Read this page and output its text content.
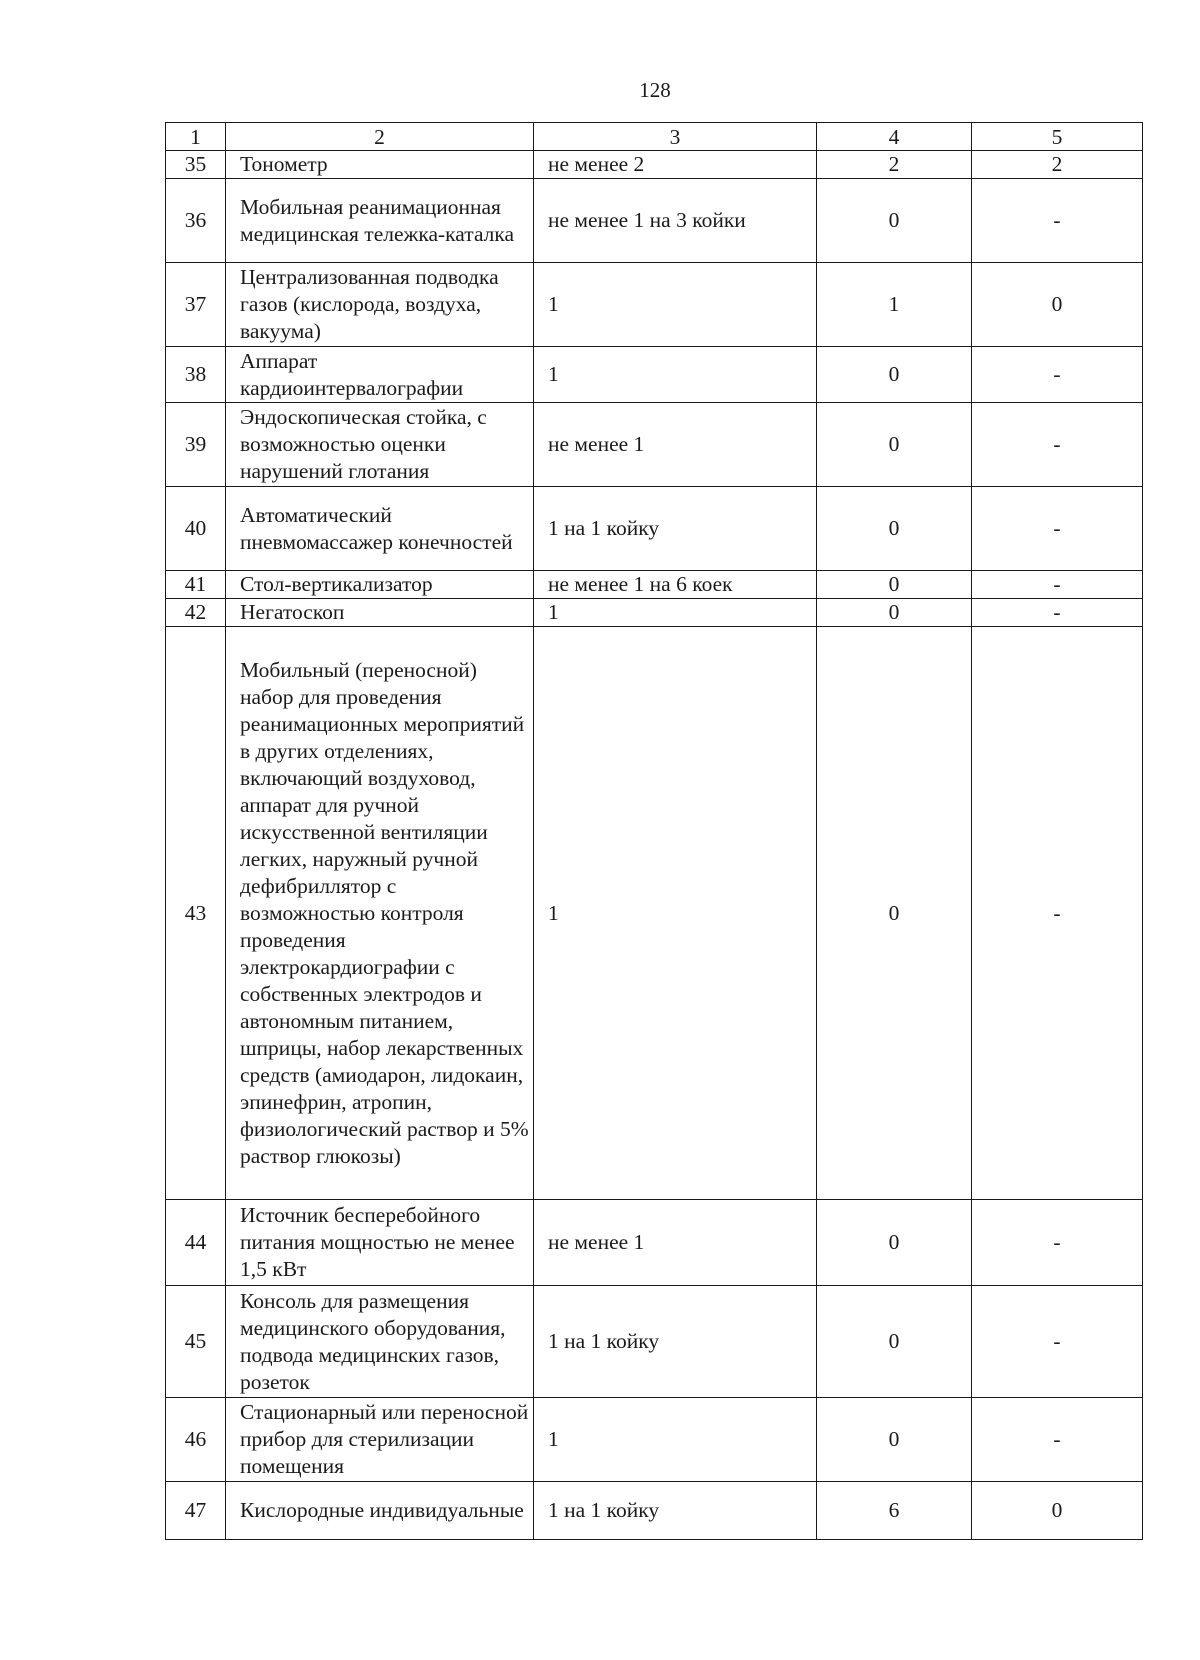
128
1	2	3	4	5
35	Тонометр	не менее 2	2	2
36	Мобильная реанимационная медицинская тележка-каталка	не менее 1 на 3 койки	0	-
37	Централизованная подводка газов (кислорода, воздуха, вакуума)	1	1	0
38	Аппарат кардиоинтервалографии	1	0	-
39	Эндоскопическая стойка, с возможностью оценки нарушений глотания	не менее 1	0	-
40	Автоматический пневмомассажер конечностей	1 на 1 койку	0	-
41	Стол-вертикализатор	не менее 1 на 6 коек	0	-
42	Негатоскоп	1	0	-
43	Мобильный (переносной) набор для проведения реанимационных мероприятий в других отделениях, включающий воздуховод, аппарат для ручной искусственной вентиляции легких, наружный ручной дефибриллятор с возможностью контроля проведения электрокардиографии с собственных электродов и автономным питанием, шприцы, набор лекарственных средств (амиодарон, лидокаин, эпинефрин, атропин, физиологический раствор и 5% раствор глюкозы)	1	0	-
44	Источник бесперебойного питания мощностью не менее 1,5 кВт	не менее 1	0	-
45	Консоль для размещения медицинского оборудования, подвода медицинских газов, розеток	1 на 1 койку	0	-
46	Стационарный или переносной прибор для стерилизации помещения	1	0	-
47	Кислородные индивидуальные	1 на 1 койку	6	0
